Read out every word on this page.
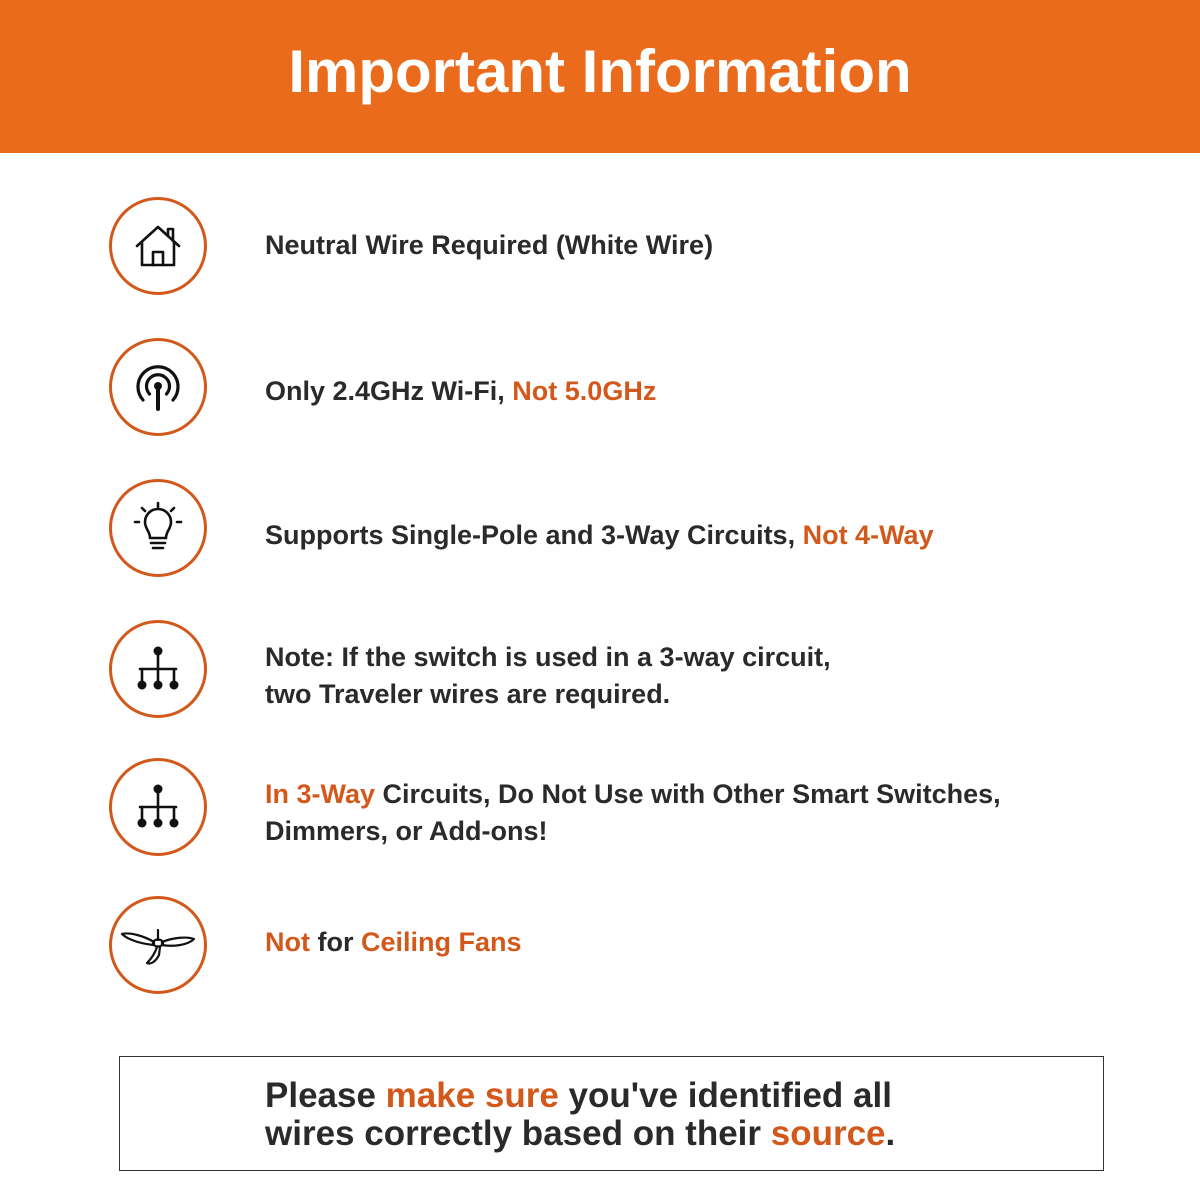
Important Information
Neutral Wire Required (White Wire)
Only 2.4GHz Wi-Fi, Not 5.0GHz
Supports Single-Pole and 3-Way Circuits, Not 4-Way
Note: If the switch is used in a 3-way circuit,
two Traveler wires are required.
In 3-Way Circuits, Do Not Use with Other Smart Switches,
Dimmers, or Add-ons!
Not for Ceiling Fans
Please make sure you've identified all
wires correctly based on their source.
